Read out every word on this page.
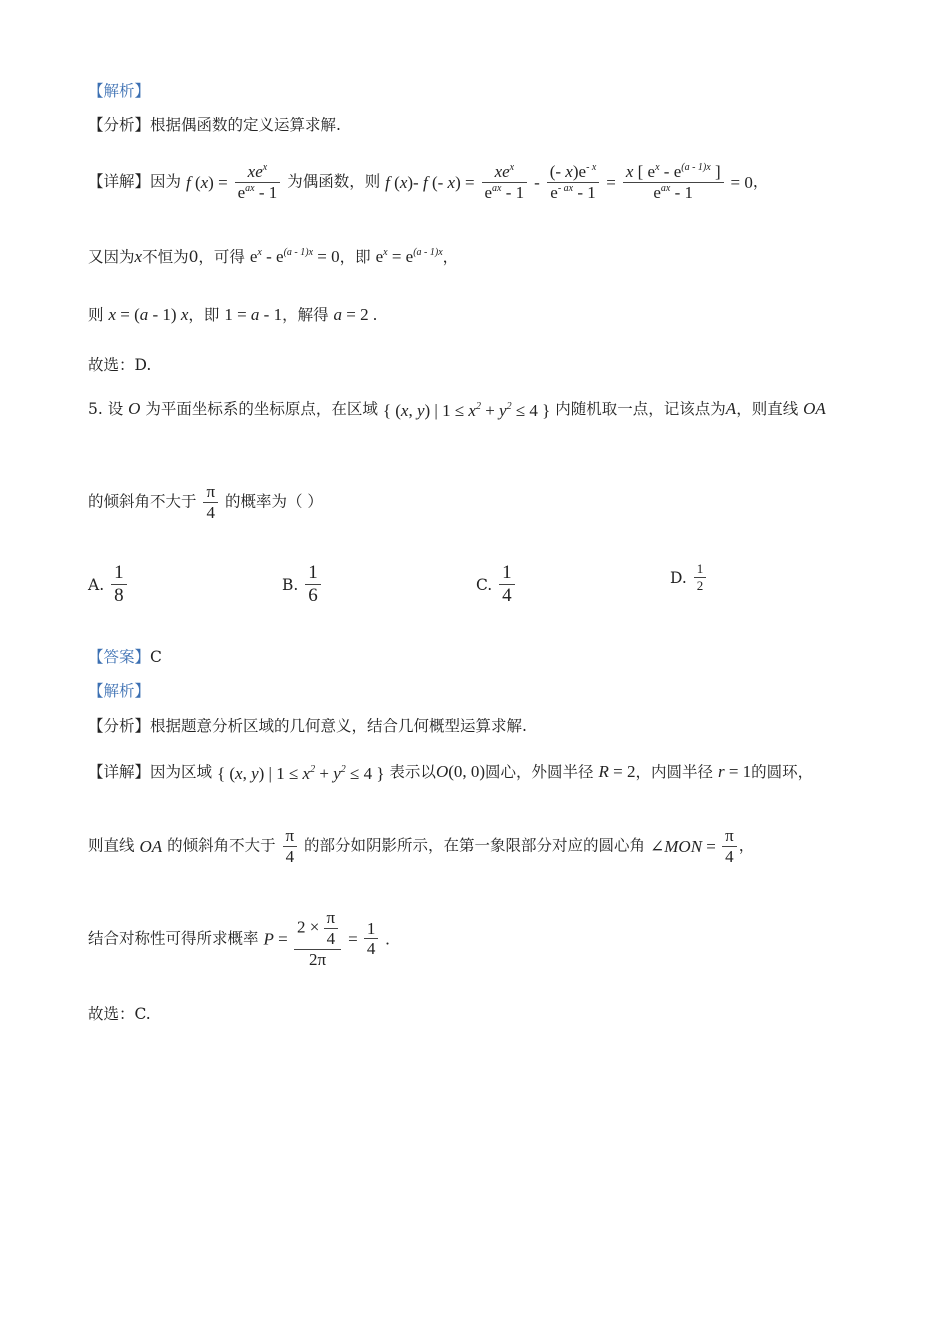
【解析】
【分析】根据偶函数的定义运算求解.
【详解】因为 f $(x) = \frac{xe^x}{e^{ax} - 1}$ 为偶函数，则 f (x)- f (- $x) = \frac{xe^x}{e^{ax} - 1} - \frac{(- x)e^{- x}}{e^{- ax} - 1} = \frac{x [ e^x - e^{(a - 1)x} ]}{e^{ax} - 1} = 0$，
又因为x不恒为0，可得 $e^x - e^{(a - 1)x} = 0$，即 $e^x = e^{(a - 1)x}$，
则 x = (a - 1) x，即 1 = a - 1，解得 a = 2 .
故选：D.
5. 设 O 为平面坐标系的坐标原点，在区域 { (x, y) | $1 \le x^2 + y^2 \le 4$ } 内随机取一点，记该点为A，则直线 OA
的倾斜角不大于 $\frac{\pi}{4}$ 的概率为（ ）
A. $\frac{1}{8}$	B. $\frac{1}{6}$	C. $\frac{1}{4}$	D. $\frac{1}{2}$
【答案】C
【解析】
【分析】根据题意分析区域的几何意义，结合几何概型运算求解.
【详解】因为区域 { (x, y) | $1 \le x^2 + y^2 \le 4$ } 表示以O(0, 0)圆心，外圆半径 R = 2，内圆半径 r = 1的圆环，
则直线 OA 的倾斜角不大于 $\frac{\pi}{4}$ 的部分如阴影所示，在第一象限部分对应的圆心角 ∠MON = $\frac{\pi}{4}$ ，
结合对称性可得所求概率 $P = \frac{2 \times \frac{\pi}{4}}{2\pi} = \frac{1}{4}$ .
故选：C.
